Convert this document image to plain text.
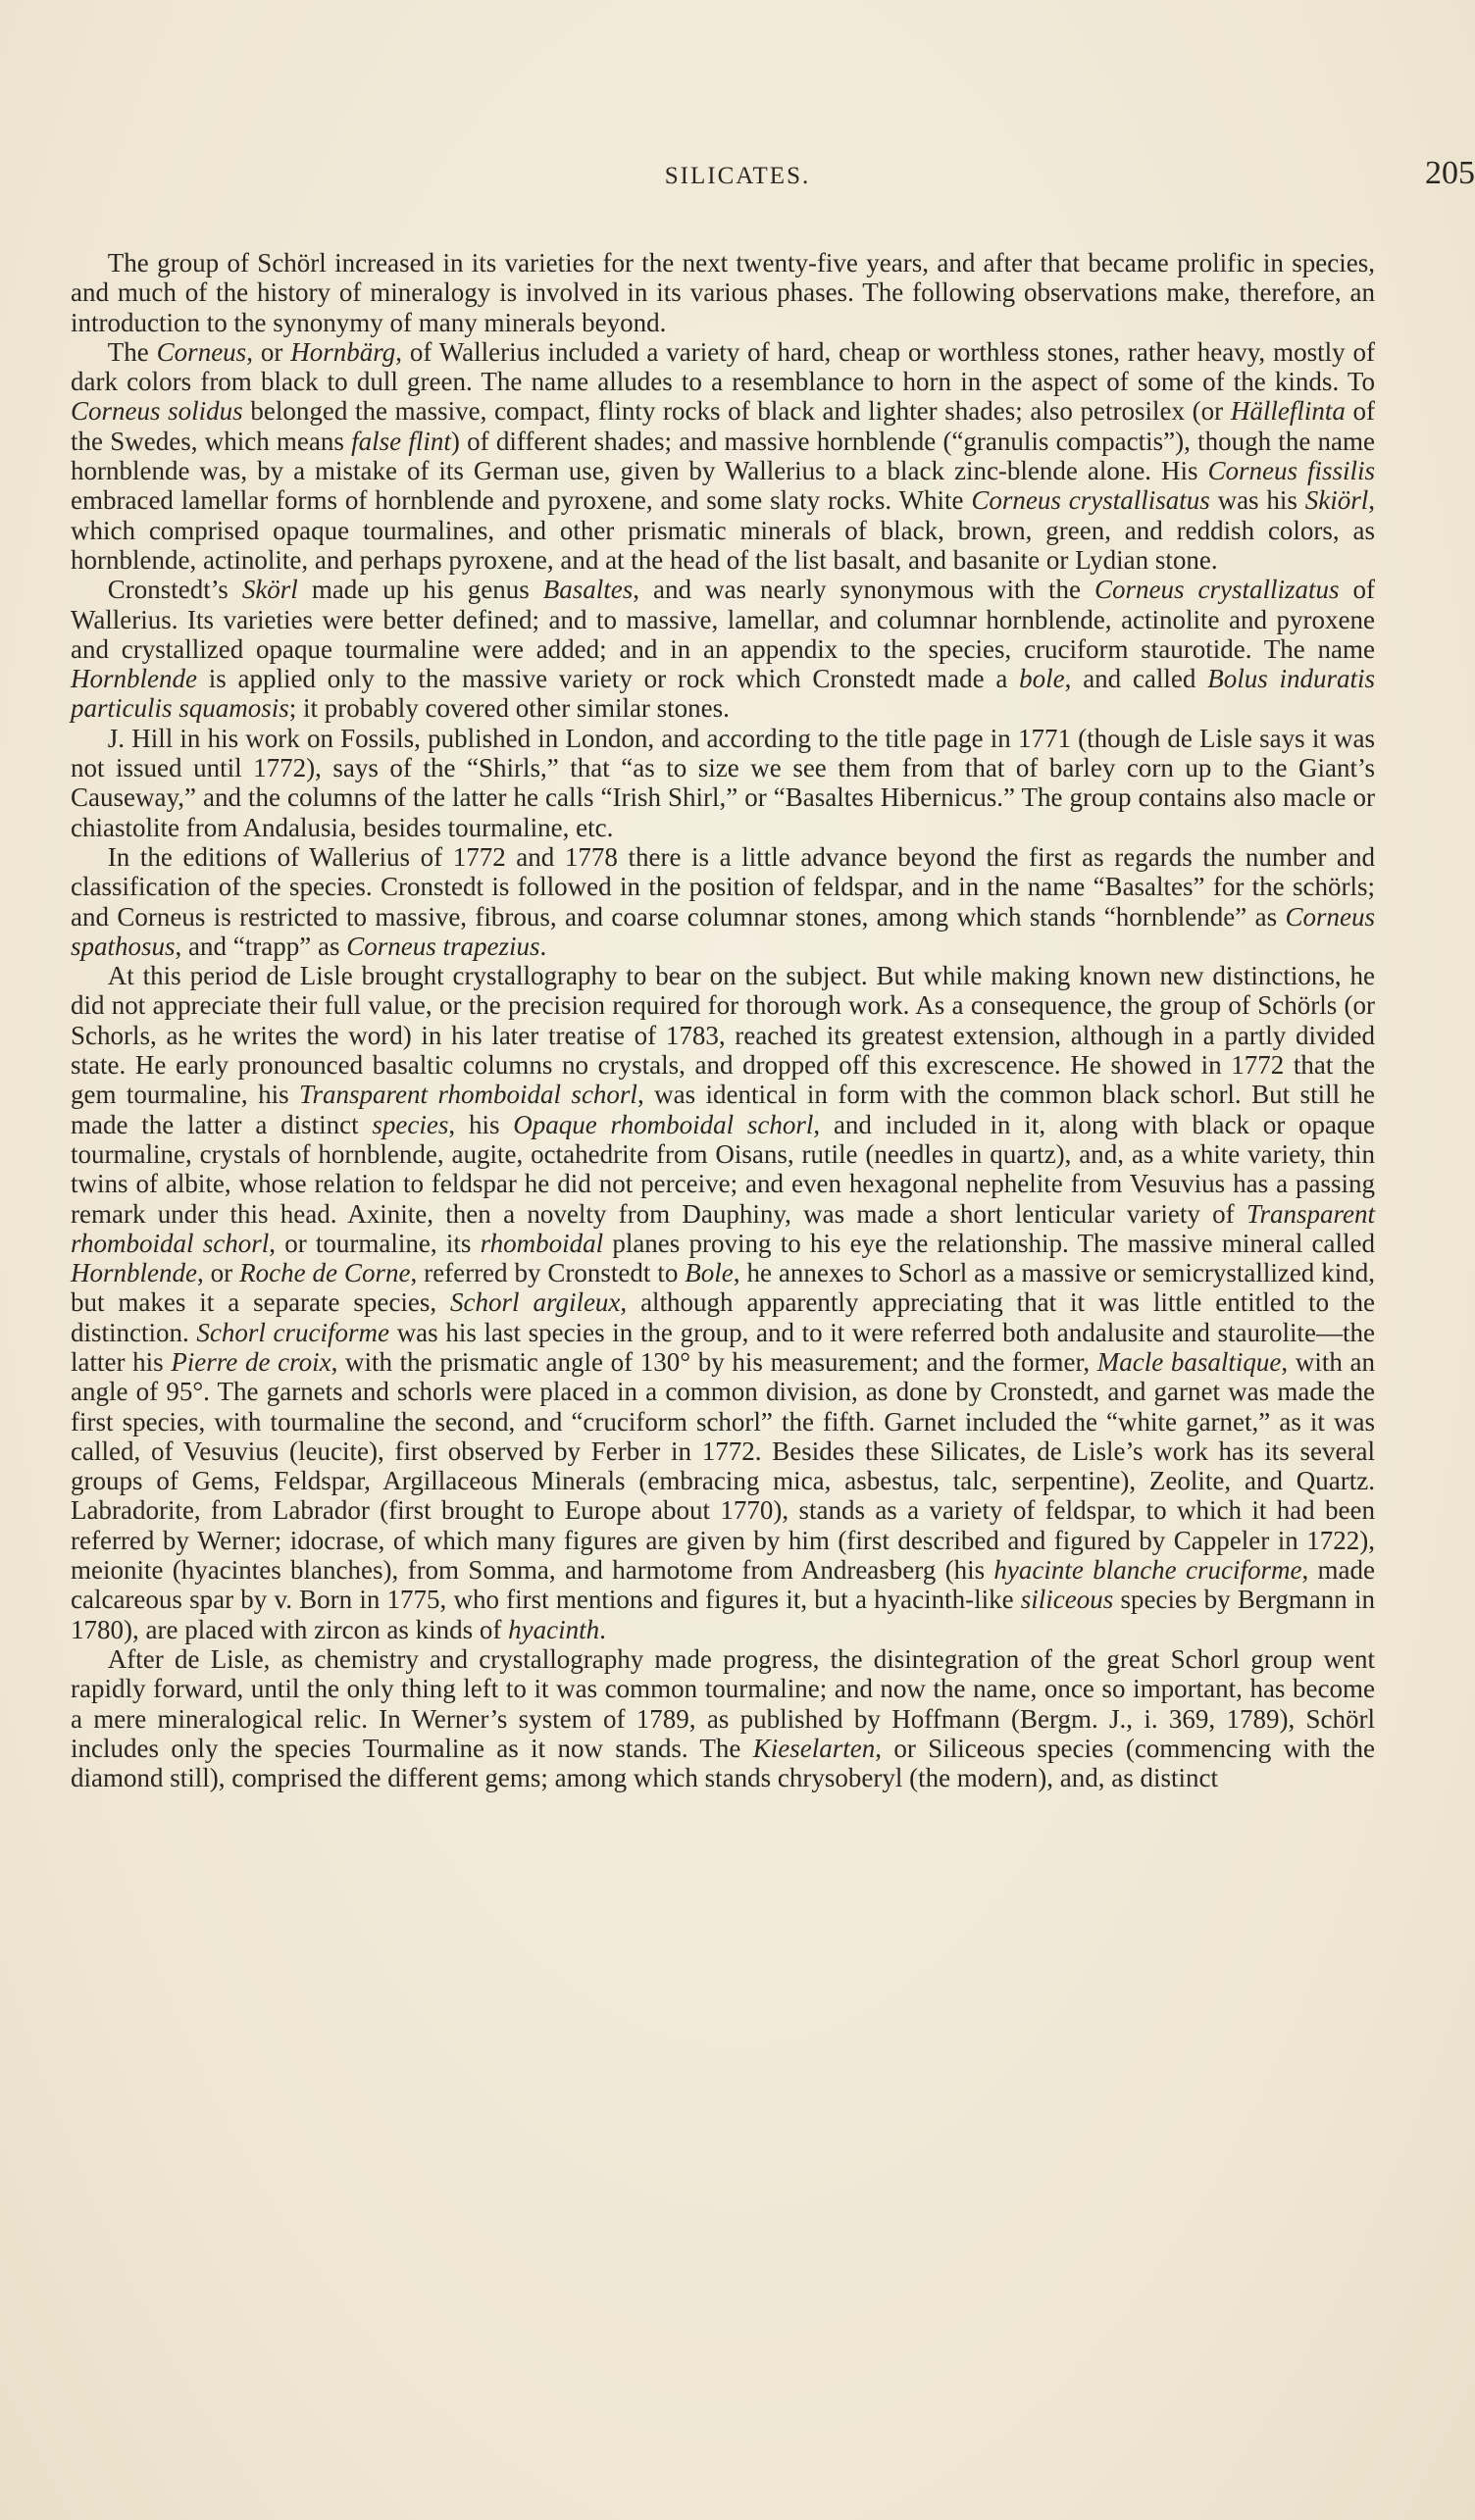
SILICATES.	205

The group of Schörl increased in its varieties for the next twenty-five years, and after that became prolific in species, and much of the history of mineralogy is involved in its various phases. The following observations make, therefore, an introduction to the synonymy of many minerals beyond.

The Corneus, or Hornbärg, of Wallerius included a variety of hard, cheap or worthless stones, rather heavy, mostly of dark colors from black to dull green. The name alludes to a resemblance to horn in the aspect of some of the kinds. To Corneus solidus belonged the massive, compact, flinty rocks of black and lighter shades; also petrosilex (or Hälleflinta of the Swedes, which means false flint) of different shades; and massive hornblende (“granulis compactis”), though the name hornblende was, by a mistake of its German use, given by Wallerius to a black zinc-blende alone. His Corneus fissilis embraced lamellar forms of hornblende and pyroxene, and some slaty rocks. White Corneus crystallisatus was his Skiörl, which comprised opaque tourmalines, and other prismatic minerals of black, brown, green, and reddish colors, as hornblende, actinolite, and perhaps pyroxene, and at the head of the list basalt, and basanite or Lydian stone.

Cronstedt’s Skörl made up his genus Basaltes, and was nearly synonymous with the Corneus crystallizatus of Wallerius. Its varieties were better defined; and to massive, lamellar, and columnar hornblende, actinolite and pyroxene and crystallized opaque tourmaline were added; and in an appendix to the species, cruciform staurotide. The name Hornblende is applied only to the massive variety or rock which Cronstedt made a bole, and called Bolus induratis particulis squamosis; it probably covered other similar stones.

J. Hill in his work on Fossils, published in London, and according to the title page in 1771 (though de Lisle says it was not issued until 1772), says of the “Shirls,” that “as to size we see them from that of barley corn up to the Giant’s Causeway,” and the columns of the latter he calls “Irish Shirl,” or “Basaltes Hibernicus.” The group contains also macle or chiastolite from Andalusia, besides tourmaline, etc.

In the editions of Wallerius of 1772 and 1778 there is a little advance beyond the first as regards the number and classification of the species. Cronstedt is followed in the position of feldspar, and in the name “Basaltes” for the schörls; and Corneus is restricted to massive, fibrous, and coarse columnar stones, among which stands “hornblende” as Corneus spathosus, and “trapp” as Corneus trapezius.

At this period de Lisle brought crystallography to bear on the subject. But while making known new distinctions, he did not appreciate their full value, or the precision required for thorough work. As a consequence, the group of Schörls (or Schorls, as he writes the word) in his later treatise of 1783, reached its greatest extension, although in a partly divided state. He early pronounced basaltic columns no crystals, and dropped off this excrescence. He showed in 1772 that the gem tourmaline, his Transparent rhomboidal schorl, was identical in form with the common black schorl. But still he made the latter a distinct species, his Opaque rhomboidal schorl, and included in it, along with black or opaque tourmaline, crystals of hornblende, augite, octahedrite from Oisans, rutile (needles in quartz), and, as a white variety, thin twins of albite, whose relation to feldspar he did not perceive; and even hexagonal nephelite from Vesuvius has a passing remark under this head. Axinite, then a novelty from Dauphiny, was made a short lenticular variety of Transparent rhomboidal schorl, or tourmaline, its rhomboidal planes proving to his eye the relationship. The massive mineral called Hornblende, or Roche de Corne, referred by Cronstedt to Bole, he annexes to Schorl as a massive or semicrystallized kind, but makes it a separate species, Schorl argileux, although apparently appreciating that it was little entitled to the distinction. Schorl cruciforme was his last species in the group, and to it were referred both andalusite and staurolite—the latter his Pierre de croix, with the prismatic angle of 130° by his measurement; and the former, Macle basaltique, with an angle of 95°. The garnets and schorls were placed in a common division, as done by Cronstedt, and garnet was made the first species, with tourmaline the second, and “cruciform schorl” the fifth. Garnet included the “white garnet,” as it was called, of Vesuvius (leucite), first observed by Ferber in 1772. Besides these Silicates, de Lisle’s work has its several groups of Gems, Feldspar, Argillaceous Minerals (embracing mica, asbestus, talc, serpentine), Zeolite, and Quartz. Labradorite, from Labrador (first brought to Europe about 1770), stands as a variety of feldspar, to which it had been referred by Werner; idocrase, of which many figures are given by him (first described and figured by Cappeler in 1722), meionite (hyacintes blanches), from Somma, and harmotome from Andreasberg (his hyacinte blanche cruciforme, made calcareous spar by v. Born in 1775, who first mentions and figures it, but a hyacinth-like siliceous species by Bergmann in 1780), are placed with zircon as kinds of hyacinth.

After de Lisle, as chemistry and crystallography made progress, the disintegration of the great Schorl group went rapidly forward, until the only thing left to it was common tourmaline; and now the name, once so important, has become a mere mineralogical relic. In Werner’s system of 1789, as published by Hoffmann (Bergm. J., i. 369, 1789), Schörl includes only the species Tourmaline as it now stands. The Kieselarten, or Siliceous species (commencing with the diamond still), comprised the different gems; among which stands chrysoberyl (the modern), and, as distinct
